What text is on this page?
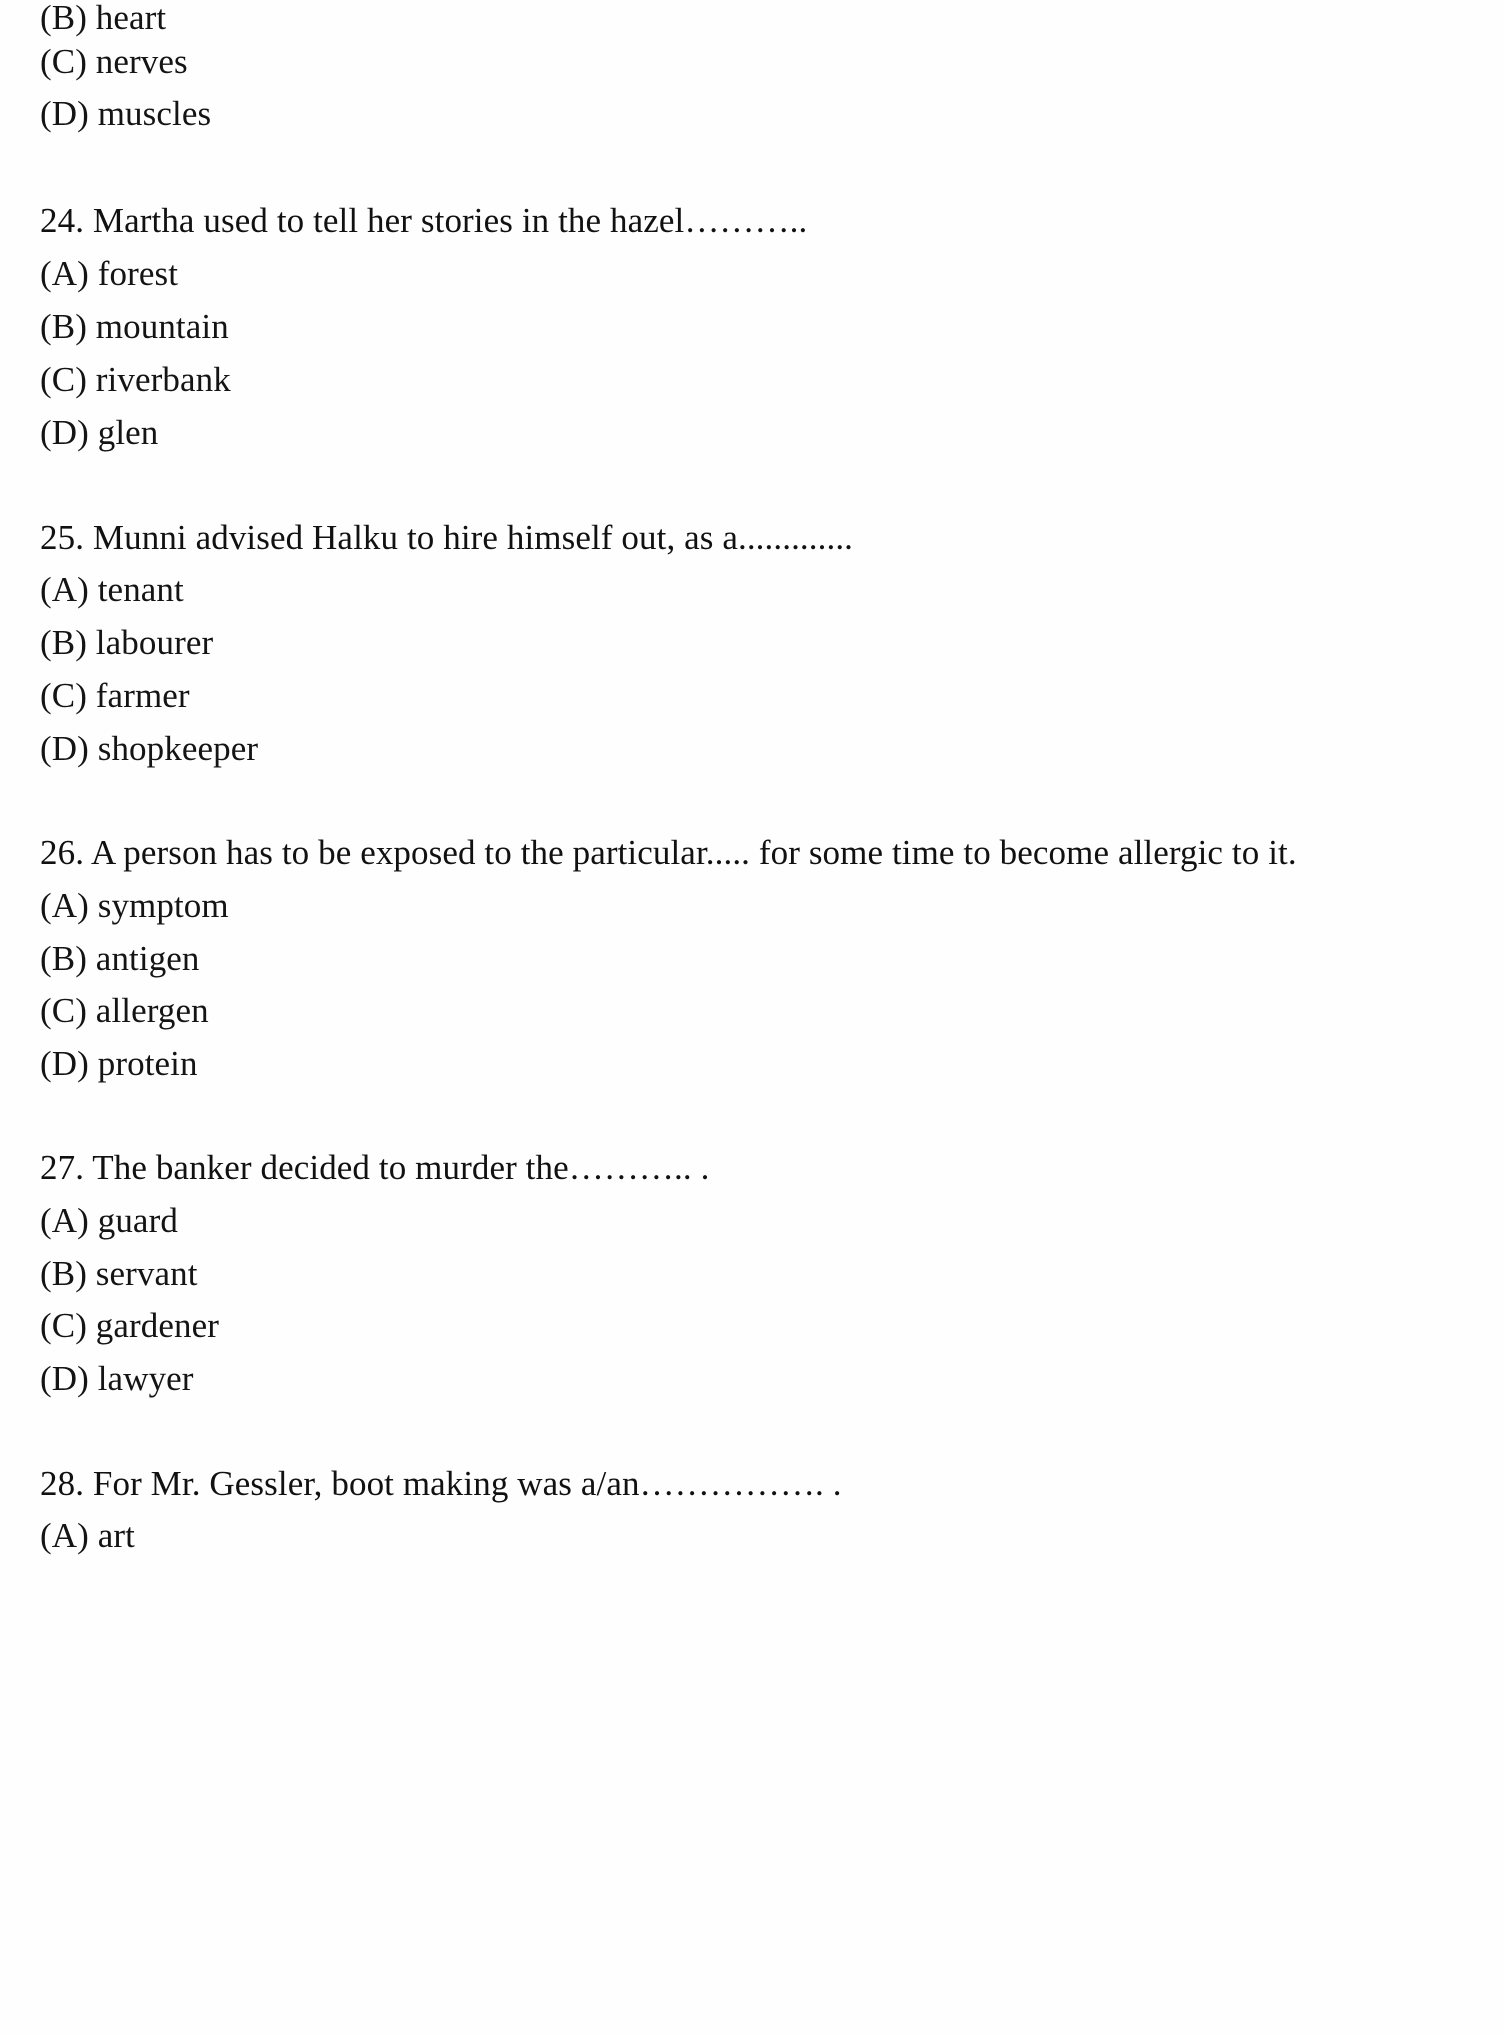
(B) heart
(C) nerves
(D) muscles
24. Martha used to tell her stories in the hazel………..
(A) forest
(B) mountain
(C) riverbank
(D) glen
25. Munni advised Halku to hire himself out, as a.............
(A) tenant
(B) labourer
(C) farmer
(D) shopkeeper
26. A person has to be exposed to the particular..... for some time to become allergic to it.
(A) symptom
(B) antigen
(C) allergen
(D) protein
27. The banker decided to murder the……….. .
(A) guard
(B) servant
(C) gardener
(D) lawyer
28. For Mr. Gessler, boot making was a/an……………. .
(A) art
